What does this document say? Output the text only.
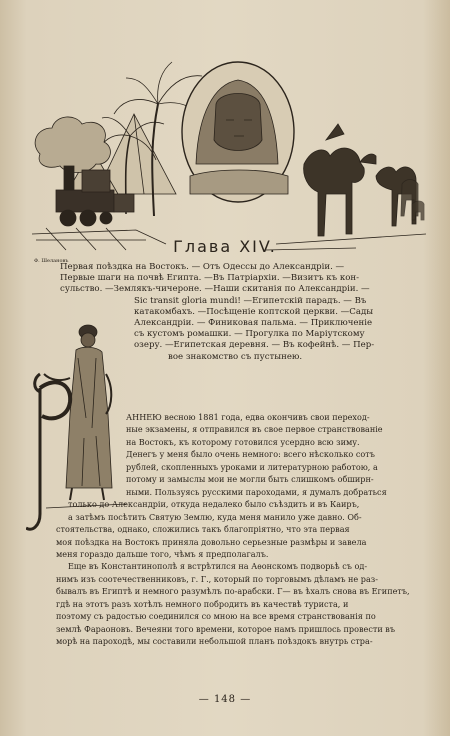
Ф. Шелановъ
Глава XIV.
Первая поѣздка на Востокъ. — Отъ Одессы до Александріи. —
Первые шаги на почвѣ Египта. —Въ Патріархіи. —Визитъ къ кон-
сульство. —Землякъ-чичероне. —Наши скитанія по Александріи. —
Sic transit gloria mundi! —Египетскій парадъ. — Въ
катакомбахъ. —Посѣщеніе коптской церкви. —Сады
Александріи. — Финиковая пальма. — Приключеніе
съ кустомъ ромашки. — Прогулка по Маріутскому
озеру. —Египетская деревня. — Въ кофейнѣ. — Пер-
вое знакомство съ пустынею.
АННЕЮ весною 1881 года, едва окончивъ свои переход-
ные экзамены, я отправился въ свое первое странствованіе
на Востокъ, къ которому готовился усердно всю зиму.
Денегъ у меня было очень немного: всего нѣсколько сотъ
рублей, скопленныхъ уроками и литературною работою, а
потому и замыслы мои не могли быть слишкомъ обширн-
ными. Пользуясь русскими пароходами, я думалъ добраться
только до Александріи, откуда недалеко было съѣздить и въ Каиръ,
а затѣмъ посѣтить Святую Землю, куда меня манило уже давно. Об-
стоятельства, однако, сложились такъ благопріятно, что эта первая
моя поѣздка на Востокъ приняла довольно серьезные размѣры и завела
меня гораздо дальше того, чѣмъ я предполагалъ.
Еще въ Константинополѣ я встрѣтился на Аѳонскомъ подворьѣ съ од-
нимъ изъ соотечественниковъ, г. Г., который по торговымъ дѣламъ не раз-
бывалъ въ Египтѣ и немного разумѣлъ по-арабски. Г— въ ѣхалъ снова въ Египетъ,
гдѣ на этотъ разъ хотѣлъ немного побродить въ качествѣ туриста, и
поэтому съ радостью соединился со мною на все время странствованія по
землѣ Фараоновъ. Вечеяни того времени, которое намъ пришлось провести въ
морѣ на пароходѣ, мы составили небольшой планъ поѣздокъ внутрь стра-
— 148 —
